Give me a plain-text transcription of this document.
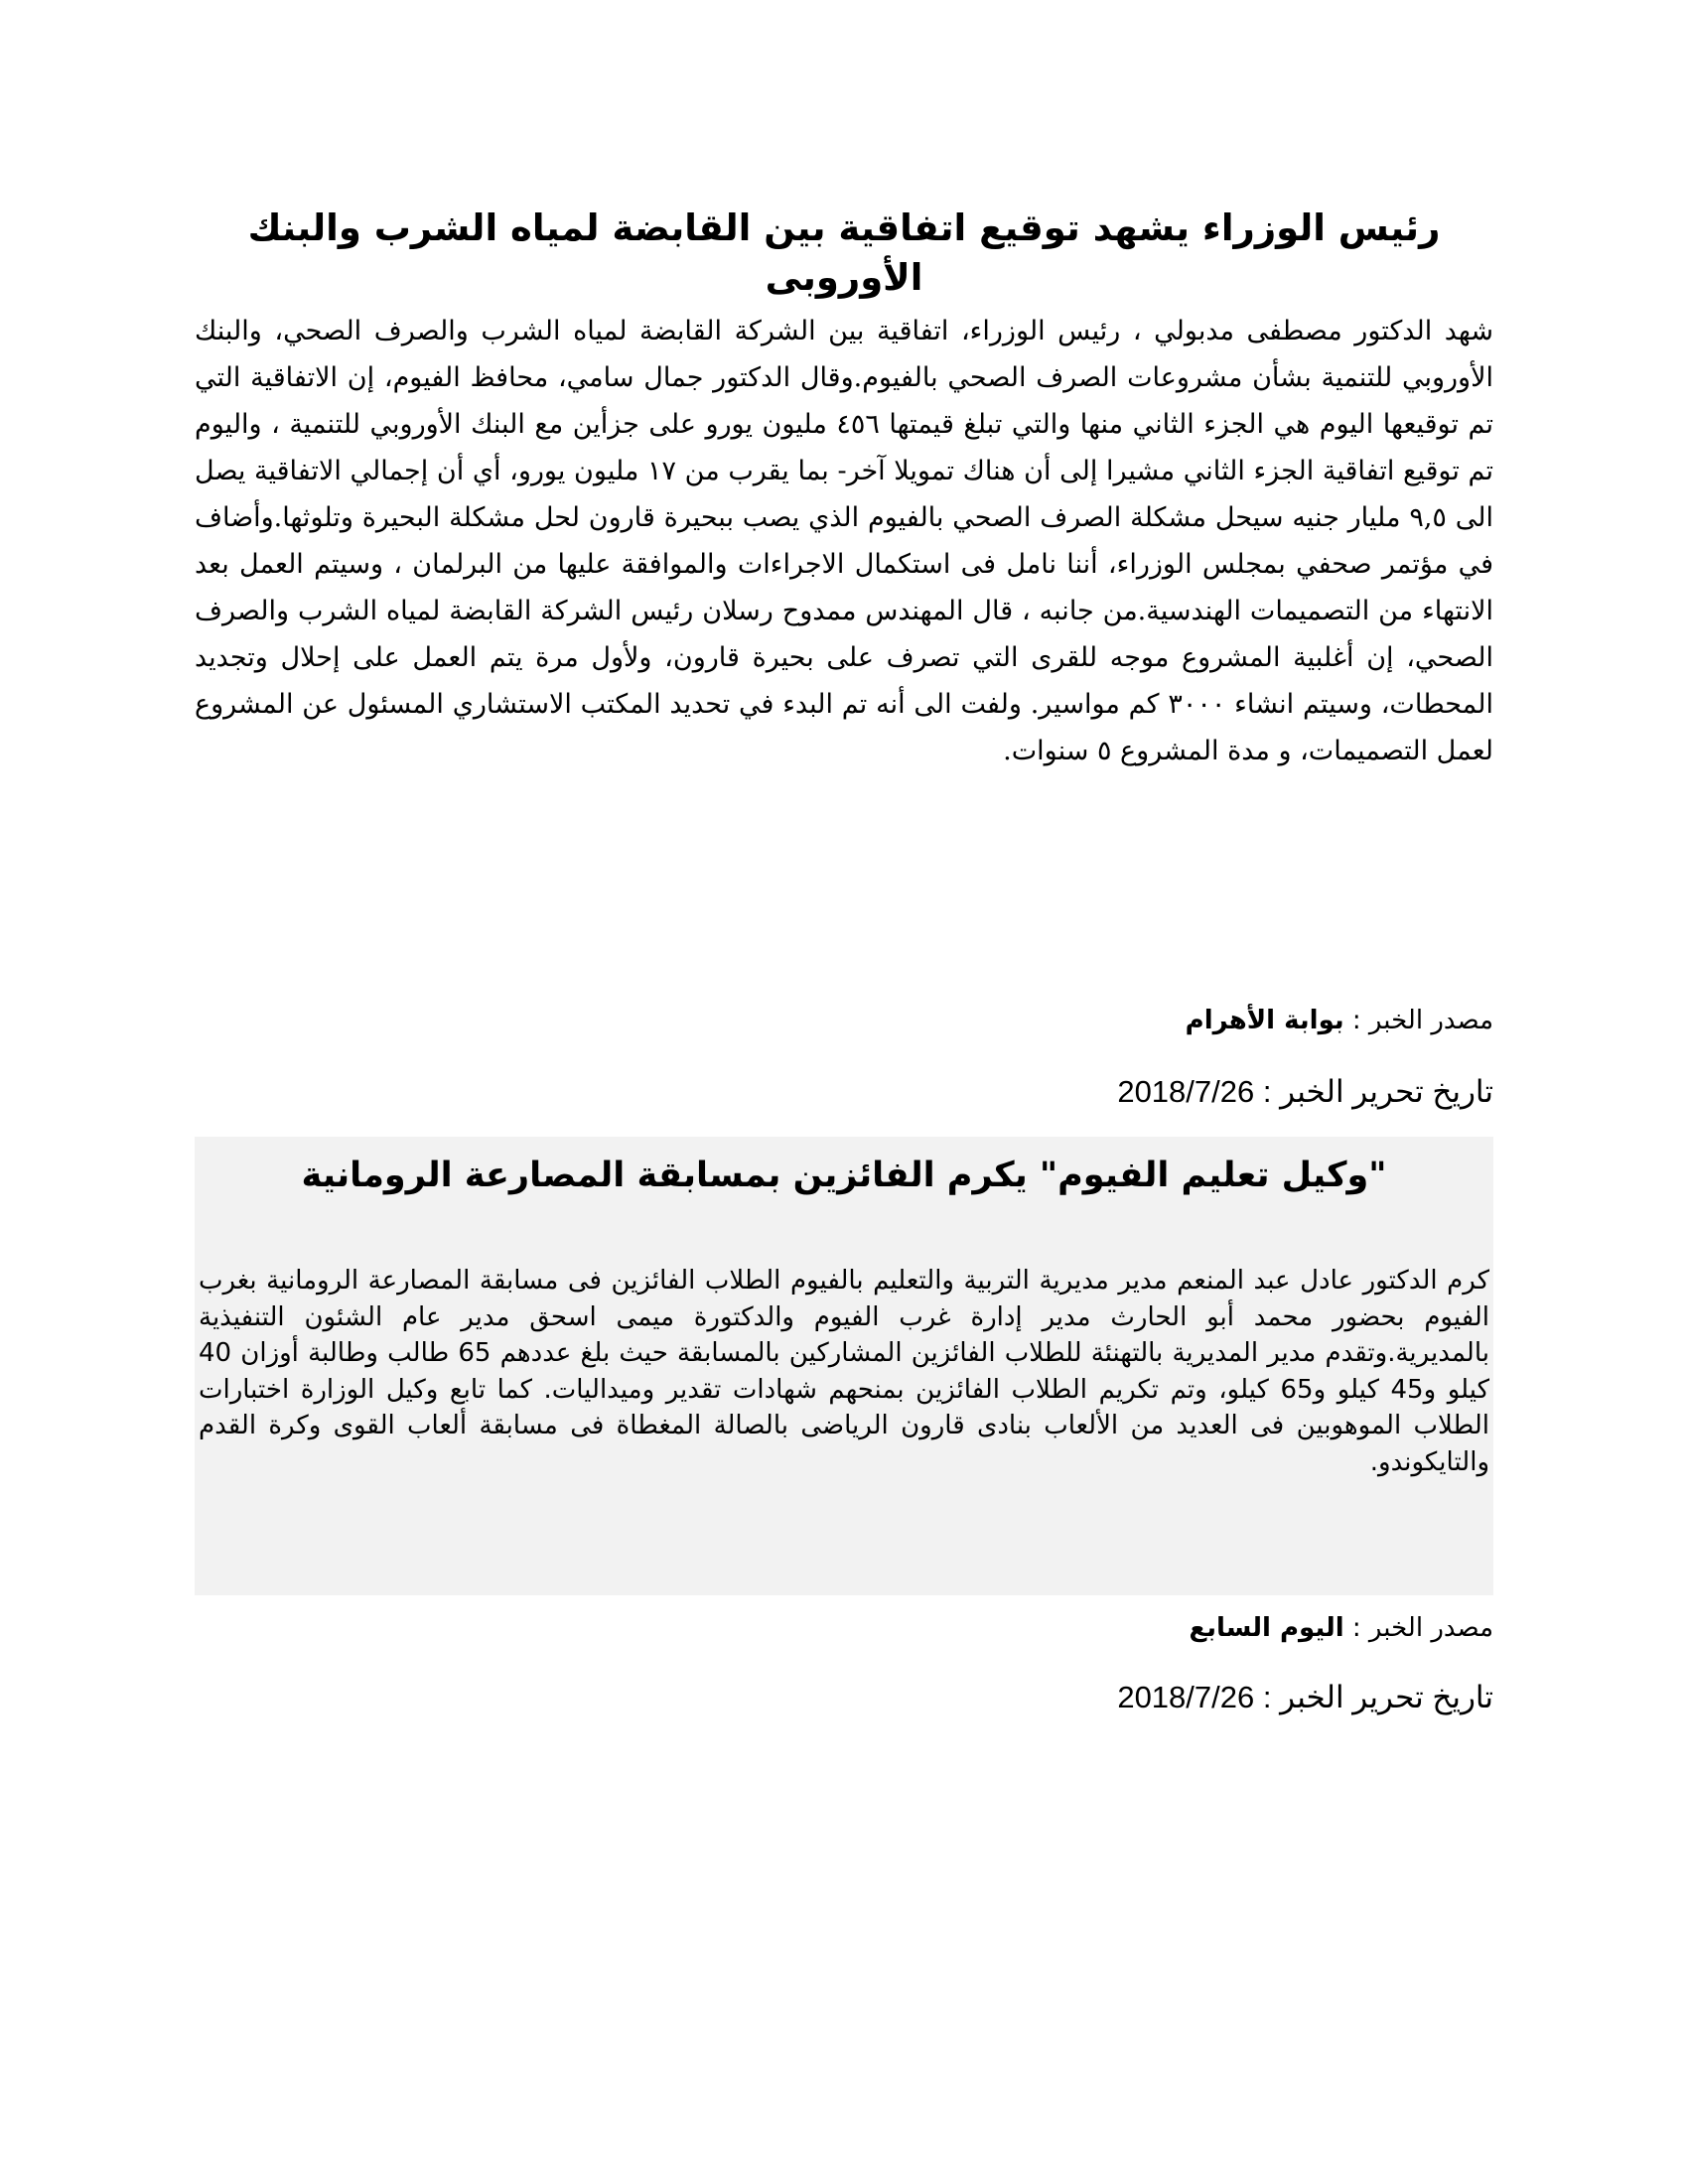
رئيس الوزراء يشهد توقيع اتفاقية بين القابضة لمياه الشرب والبنك الأوروبى

شهد الدكتور مصطفى مدبولي ، رئيس الوزراء، اتفاقية بين الشركة القابضة لمياه الشرب والصرف الصحي، والبنك الأوروبي للتنمية بشأن مشروعات الصرف الصحي بالفيوم.وقال الدكتور جمال سامي، محافظ الفيوم، إن الاتفاقية التي تم توقيعها اليوم هي الجزء الثاني منها والتي تبلغ قيمتها ٤٥٦ مليون يورو على جزأين مع البنك الأوروبي للتنمية ، واليوم تم توقيع اتفاقية الجزء الثاني مشيرا إلى أن هناك تمويلا آخر- بما يقرب من ١٧ مليون يورو، أي أن إجمالي الاتفاقية يصل الى ٩,٥ مليار جنيه سيحل مشكلة الصرف الصحي بالفيوم الذي يصب ببحيرة قارون لحل مشكلة البحيرة وتلوثها.وأضاف في مؤتمر صحفي بمجلس الوزراء، أننا نامل فى استكمال الاجراءات والموافقة عليها من البرلمان ، وسيتم العمل بعد الانتهاء من التصميمات الهندسية.من جانبه ، قال المهندس ممدوح رسلان رئيس الشركة القابضة لمياه الشرب والصرف الصحي، إن أغلبية المشروع موجه للقرى التي تصرف على بحيرة قارون، ولأول مرة يتم العمل على إحلال وتجديد المحطات، وسيتم انشاء ٣٠٠٠ كم مواسير. ولفت الى أنه تم البدء في تحديد المكتب الاستشاري المسئول عن المشروع لعمل التصميمات، و مدة المشروع ٥ سنوات.

مصدر الخبر : بوابة الأهرام

تاريخ تحرير الخبر : 2018/7/26

"وكيل تعليم الفيوم" يكرم الفائزين بمسابقة المصارعة الرومانية

كرم الدكتور عادل عبد المنعم مدير مديرية التربية والتعليم بالفيوم الطلاب الفائزين فى مسابقة المصارعة الرومانية بغرب الفيوم بحضور محمد أبو الحارث مدير إدارة غرب الفيوم والدكتورة ميمى اسحق مدير عام الشئون التنفيذية بالمديرية.وتقدم مدير المديرية بالتهنئة للطلاب الفائزين المشاركين بالمسابقة حيث بلغ عددهم 65 طالب وطالبة أوزان 40 كيلو و45 كيلو و65 كيلو، وتم تكريم الطلاب الفائزين بمنحهم شهادات تقدير وميداليات. كما تابع وكيل الوزارة اختبارات الطلاب الموهوبين فى العديد من الألعاب بنادى قارون الرياضى بالصالة المغطاة فى مسابقة ألعاب القوى وكرة القدم والتايكوندو.

مصدر الخبر : اليوم السابع

تاريخ تحرير الخبر : 2018/7/26
